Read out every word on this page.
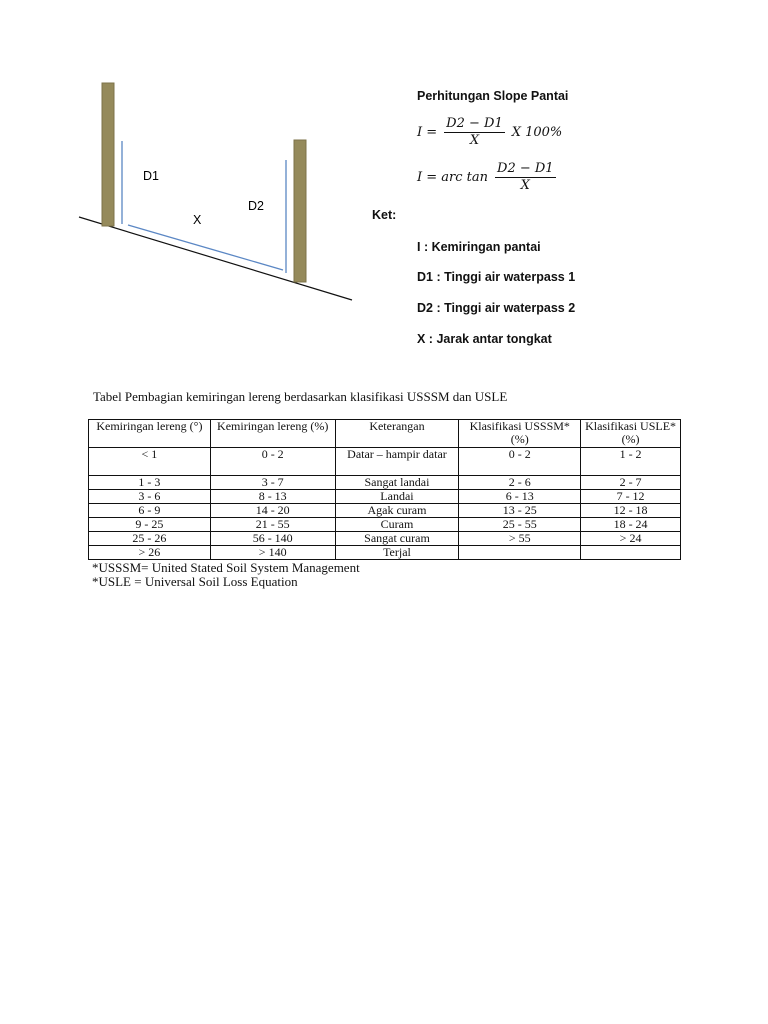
D1
D2
X

Perhitungan Slope Pantai

$I = \frac{D2 - D1}{X}$ X 100%
I = arc $\tan \frac{D2 - D1}{X}$
Ket:
I : Kemiringan pantai
D1 : Tinggi air waterpass 1
D2 : Tinggi air waterpass 2
X : Jarak antar tongkat
Tabel Pembagian kemiringan lereng berdasarkan klasifikasi USSSM dan USLE
Kemiringan lereng (°)	Kemiringan lereng (%)	Keterangan	Klasifikasi USSSM* (%)	Klasifikasi USLE* (%)
< 1	0 - 2	Datar – hampir datar	0 - 2	1 - 2
1 - 3	3 - 7	Sangat landai	2 - 6	2 - 7
3 - 6	8 - 13	Landai	6 - 13	7 - 12
6 - 9	14 - 20	Agak curam	13 - 25	12 - 18
9 - 25	21 - 55	Curam	25 - 55	18 - 24
25 - 26	56 - 140	Sangat curam	> 55	> 24
> 26	> 140	Terjal		
*USSSM= United Stated Soil System Management
*USLE = Universal Soil Loss Equation
